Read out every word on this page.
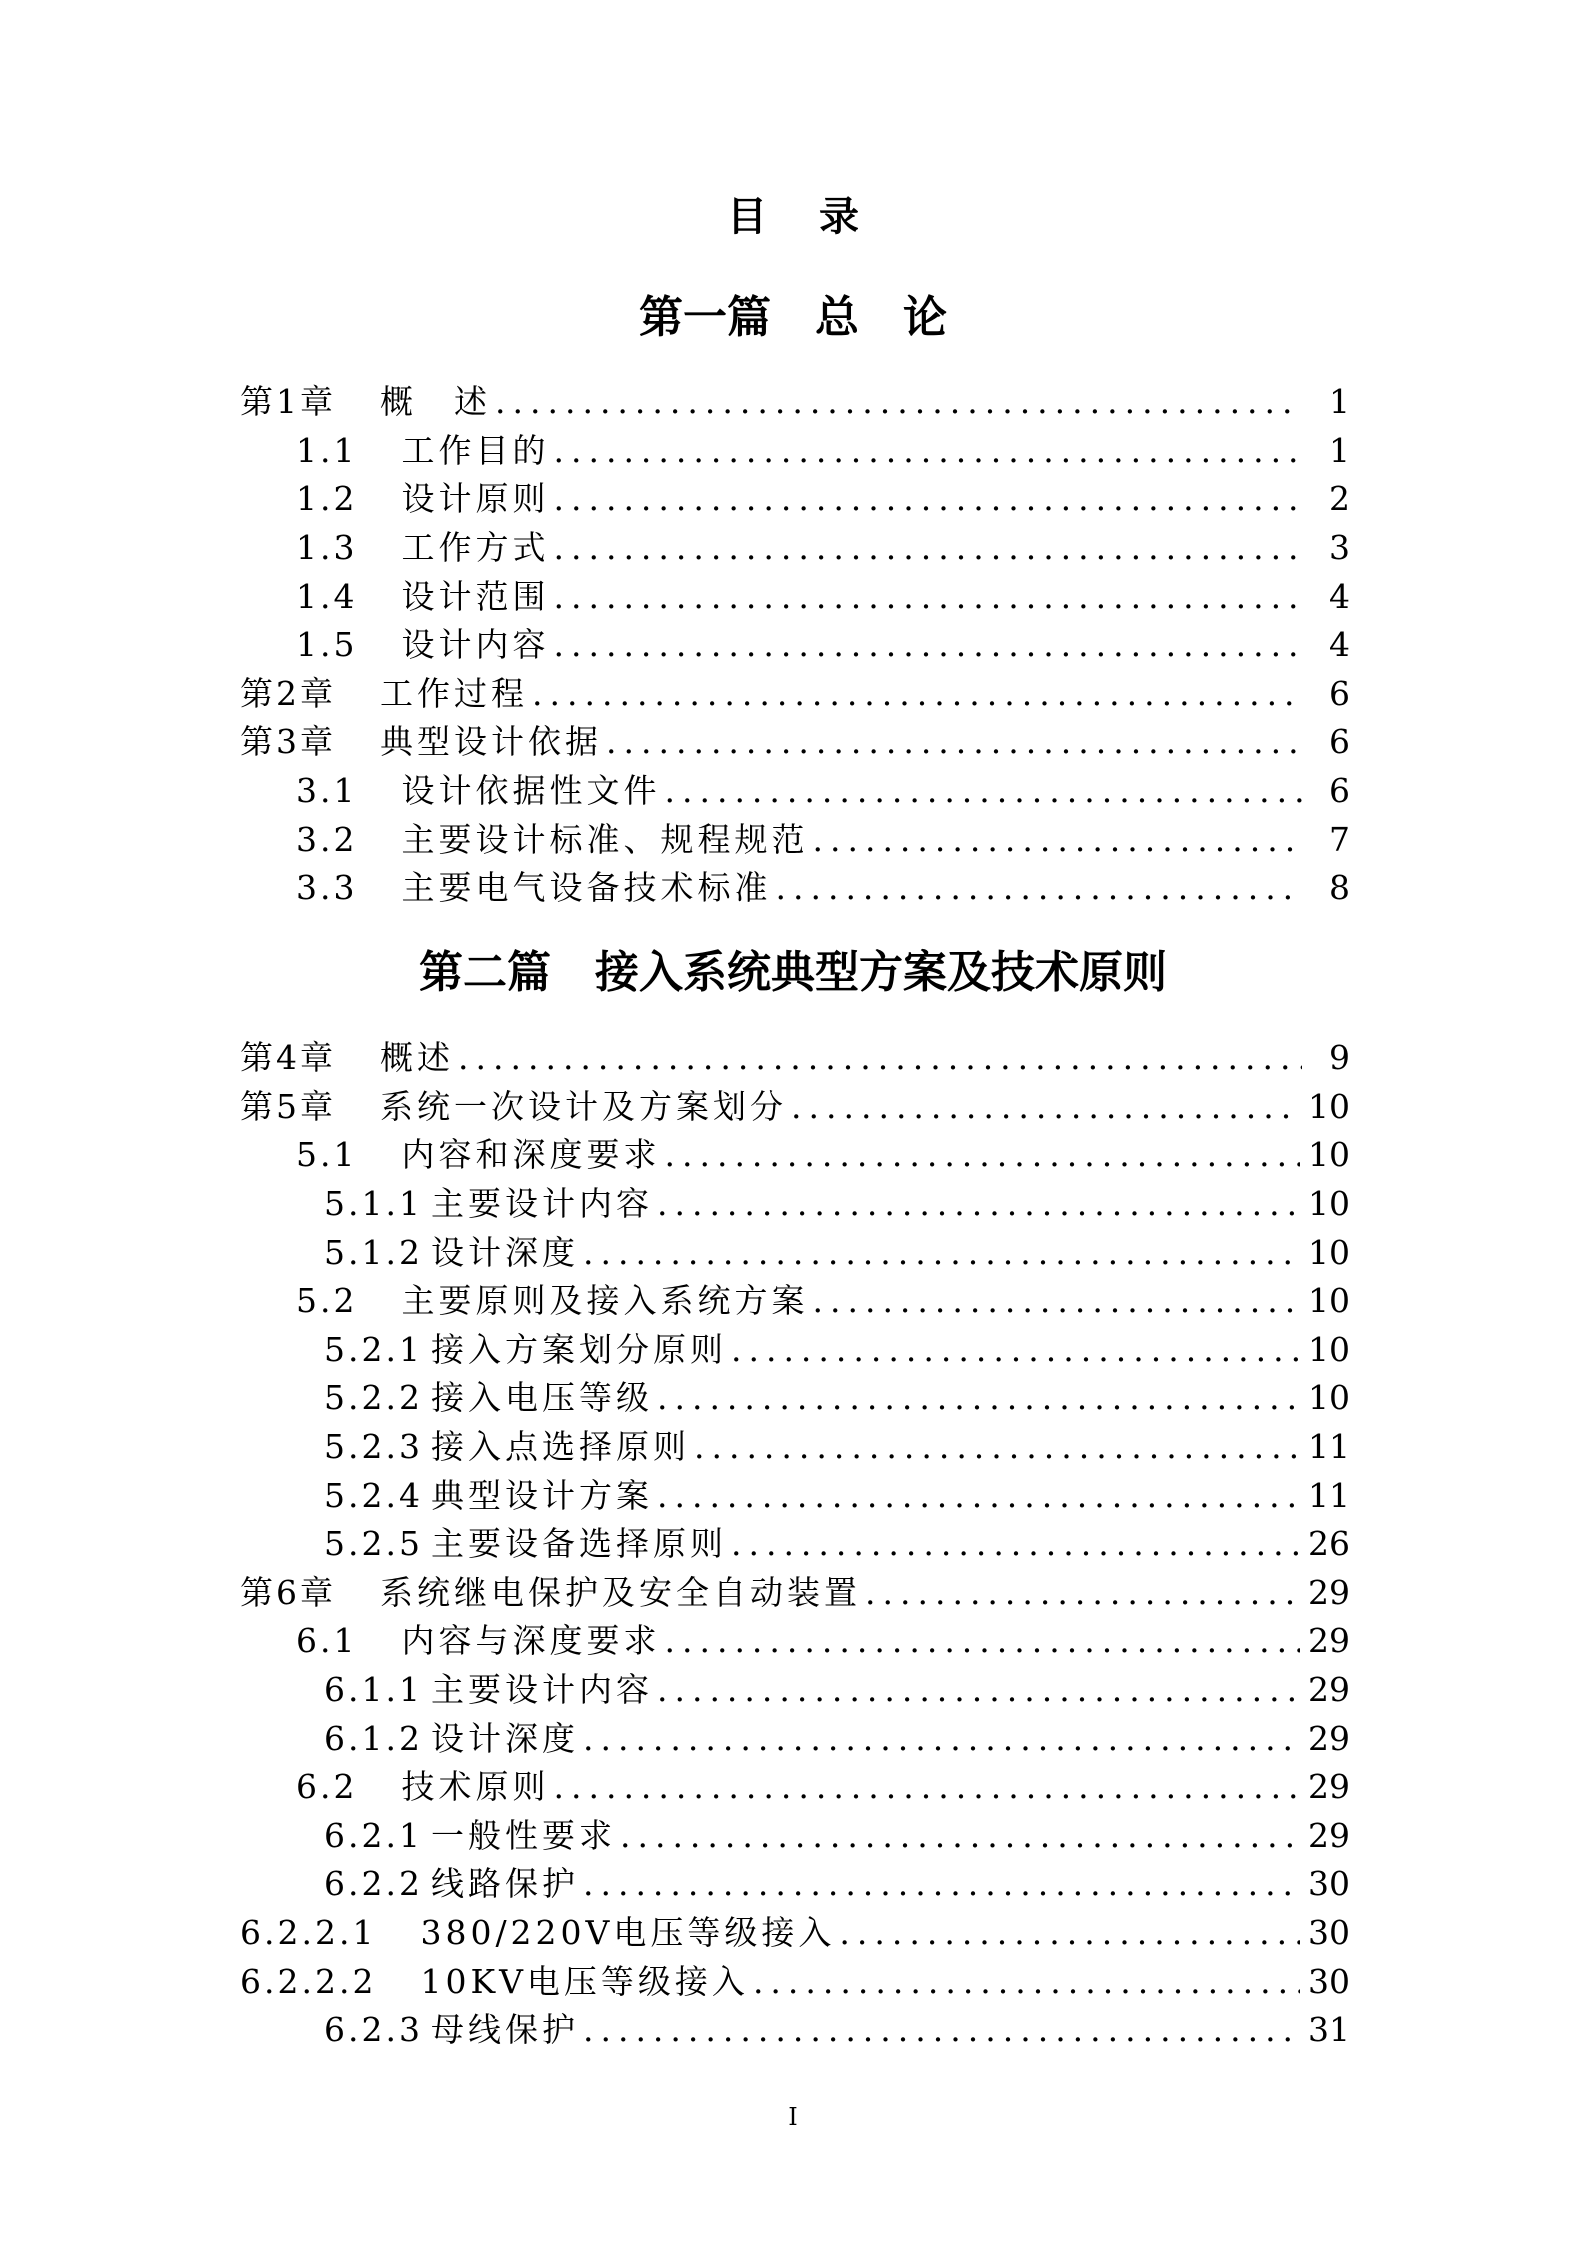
目录
第一篇　总　论
第1章 概　述 .....	1
1.1 工作目的 .....	1
1.2 设计原则 .....	2
1.3 工作方式 .....	3
1.4 设计范围 .....	4
1.5 设计内容 .....	4
第2章 工作过程 .....	6
第3章 典型设计依据 .....	6
3.1 设计依据性文件 .....	6
3.2 主要设计标准、规程规范 .....	7
3.3 主要电气设备技术标准 .....	8
第二篇　接入系统典型方案及技术原则
第4章 概述 .....	9
第5章 系统一次设计及方案划分 .....	10
5.1 内容和深度要求 .....	10
5.1.1 主要设计内容 .....	10
5.1.2 设计深度 .....	10
5.2 主要原则及接入系统方案 .....	10
5.2.1 接入方案划分原则 .....	10
5.2.2 接入电压等级 .....	10
5.2.3 接入点选择原则 .....	11
5.2.4 典型设计方案 .....	11
5.2.5 主要设备选择原则 .....	26
第6章 系统继电保护及安全自动装置 .....	29
6.1 内容与深度要求 .....	29
6.1.1 主要设计内容 .....	29
6.1.2 设计深度 .....	29
6.2 技术原则 .....	29
6.2.1 一般性要求 .....	29
6.2.2 线路保护 .....	30
6.2.2.1 380/220V电压等级接入 .....	30
6.2.2.2 10KV电压等级接入 .....	30
6.2.3 母线保护 .....	31
I
